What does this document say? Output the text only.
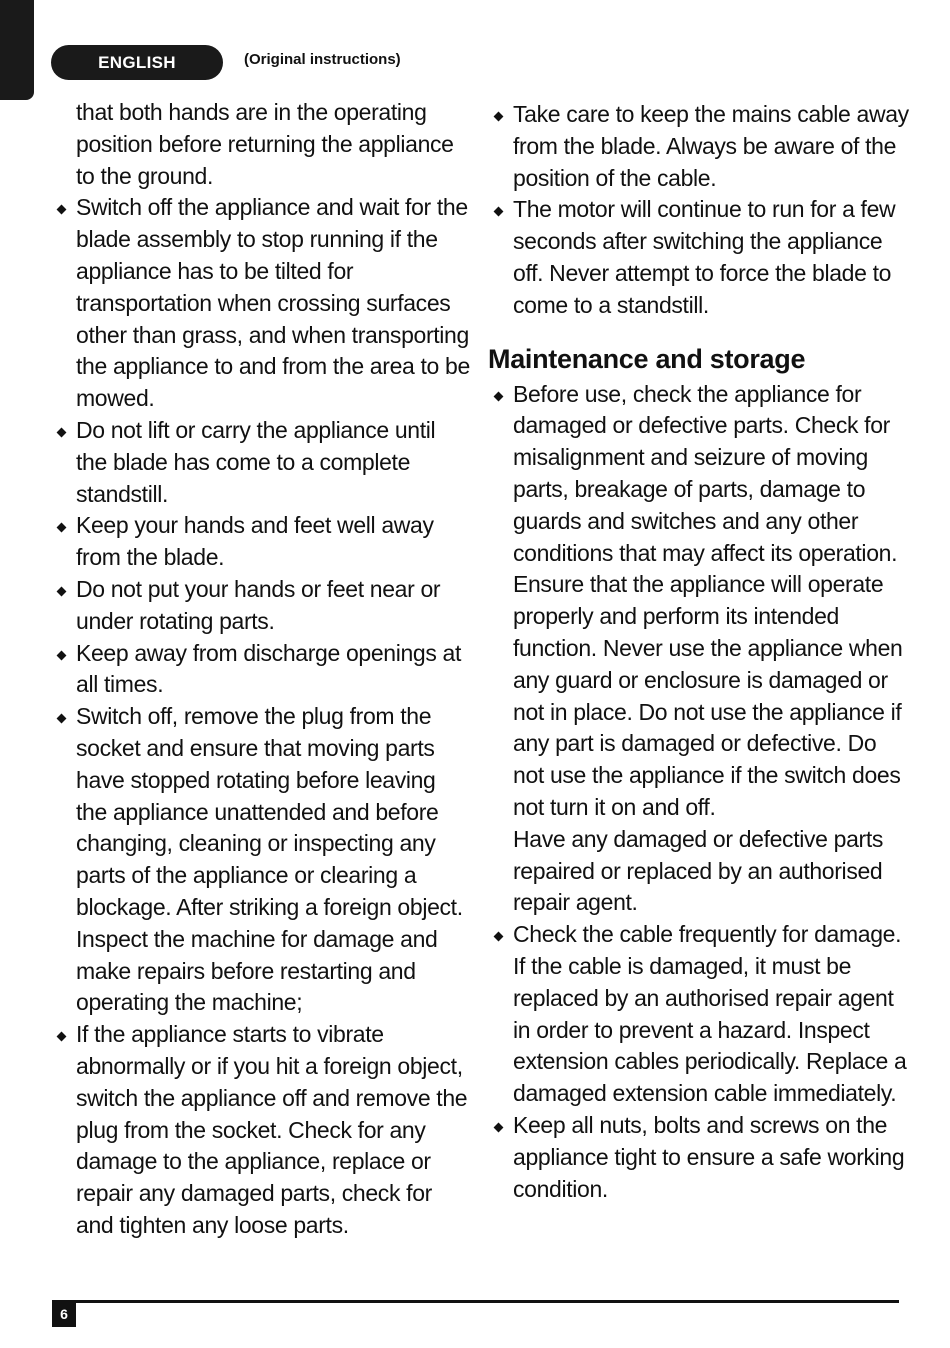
ENGLISH	(Original instructions)

that both hands are in the operating position before returning the appliance to the ground.

Switch off the appliance and wait for the blade assembly to stop running if the appliance has to be tilted for transportation when crossing surfaces other than grass, and when transporting the appliance to and from the area to be mowed.
Do not lift or carry the appliance until the blade has come to a complete standstill.
Keep your hands and feet well away from the blade.
Do not put your hands or feet near or under rotating parts.
Keep away from discharge openings at all times.
Switch off, remove the plug from the socket and ensure that moving parts have stopped rotating before leaving the appliance unattended and before changing, cleaning or inspecting any parts of the appliance or clearing a blockage. After striking a foreign object. Inspect the machine for damage and make repairs before restarting and operating the machine;
If the appliance starts to vibrate abnormally or if you hit a foreign object, switch the appliance off and remove the plug from the socket. Check for any damage to the appliance, replace or repair any damaged parts, check for and tighten any loose parts.
Take care to keep the mains cable away from the blade. Always be aware of the position of the cable.
The motor will continue to run for a few seconds after switching the appliance off. Never attempt to force the blade to come to a standstill.
Maintenance and storage
Before use, check the appliance for damaged or defective parts. Check for misalignment and seizure of moving parts, breakage of parts, damage to guards and switches and any other conditions that may affect its operation. Ensure that the appliance will operate properly and perform its intended function. Never use the appliance when any guard or enclosure is damaged or not in place. Do not use the appliance if any part is damaged or defective. Do not use the appliance if the switch does not turn it on and off.

Have any damaged or defective parts repaired or replaced by an authorised repair agent.

Check the cable frequently for damage. If the cable is damaged, it must be replaced by an authorised repair agent in order to prevent a hazard. Inspect extension cables periodically. Replace a damaged extension cable immediately.
Keep all nuts, bolts and screws on the appliance tight to ensure a safe working condition.
6
